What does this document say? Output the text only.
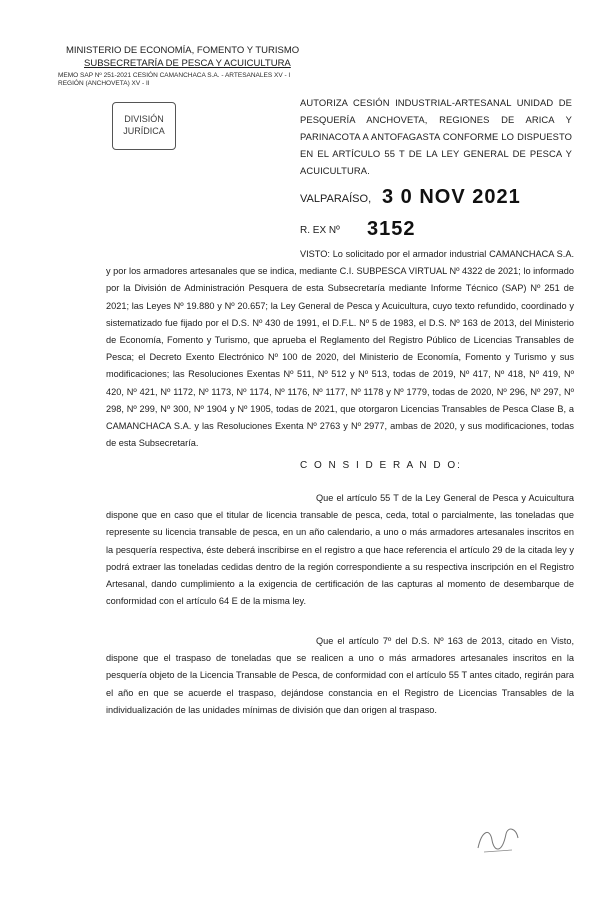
MINISTERIO DE ECONOMÍA, FOMENTO Y TURISMO
SUBSECRETARÍA DE PESCA Y ACUICULTURA
MEMO SAP Nº 251-2021 CESIÓN CAMANCHACA S.A. - ARTESANALES XV - I
REGIÓN (ANCHOVETA) XV - II
DIVISIÓN
JURÍDICA
AUTORIZA CESIÓN INDUSTRIAL-ARTESANAL UNIDAD DE PESQUERÍA ANCHOVETA, REGIONES DE ARICA Y PARINACOTA A ANTOFAGASTA CONFORME LO DISPUESTO EN EL ARTÍCULO 55 T DE LA LEY GENERAL DE PESCA Y ACUICULTURA.
VALPARAÍSO, 3 0 NOV 2021
R. EX Nº 3152

VISTO: Lo solicitado por el armador industrial CAMANCHACA S.A. y por los armadores artesanales que se indica, mediante C.I. SUBPESCA VIRTUAL Nº 4322 de 2021; lo informado por la División de Administración Pesquera de esta Subsecretaría mediante Informe Técnico (SAP) Nº 251 de 2021; las Leyes Nº 19.880 y Nº 20.657; la Ley General de Pesca y Acuicultura, cuyo texto refundido, coordinado y sistematizado fue fijado por el D.S. Nº 430 de 1991, el D.F.L. Nº 5 de 1983, el D.S. Nº 163 de 2013, del Ministerio de Economía, Fomento y Turismo, que aprueba el Reglamento del Registro Público de Licencias Transables de Pesca; el Decreto Exento Electrónico Nº 100 de 2020, del Ministerio de Economía, Fomento y Turismo y sus modificaciones; las Resoluciones Exentas Nº 511, Nº 512 y Nº 513, todas de 2019, Nº 417, Nº 418, Nº 419, Nº 420, Nº 421, Nº 1172, Nº 1173, Nº 1174, Nº 1176, Nº 1177, Nº 1178 y Nº 1779, todas de 2020, Nº 296, Nº 297, Nº 298, Nº 299, Nº 300, Nº 1904 y Nº 1905, todas de 2021, que otorgaron Licencias Transables de Pesca Clase B, a CAMANCHACA S.A. y las Resoluciones Exenta Nº 2763 y Nº 2977, ambas de 2020, y sus modificaciones, todas de esta Subsecretaría.

C O N S I D E R A N D O:

Que el artículo 55 T de la Ley General de Pesca y Acuicultura dispone que en caso que el titular de licencia transable de pesca, ceda, total o parcialmente, las toneladas que represente su licencia transable de pesca, en un año calendario, a uno o más armadores artesanales inscritos en la pesquería respectiva, éste deberá inscribirse en el registro a que hace referencia el artículo 29 de la citada ley y podrá extraer las toneladas cedidas dentro de la región correspondiente a su respectiva inscripción en el Registro Artesanal, dando cumplimiento a la exigencia de certificación de las capturas al momento de desembarque de conformidad con el artículo 64 E de la misma ley.

Que el artículo 7º del D.S. Nº 163 de 2013, citado en Visto, dispone que el traspaso de toneladas que se realicen a uno o más armadores artesanales inscritos en la pesquería objeto de la Licencia Transable de Pesca, de conformidad con el artículo 55 T antes citado, regirán para el año en que se acuerde el traspaso, dejándose constancia en el Registro de Licencias Transables de la individualización de las unidades mínimas de división que dan origen al traspaso.
